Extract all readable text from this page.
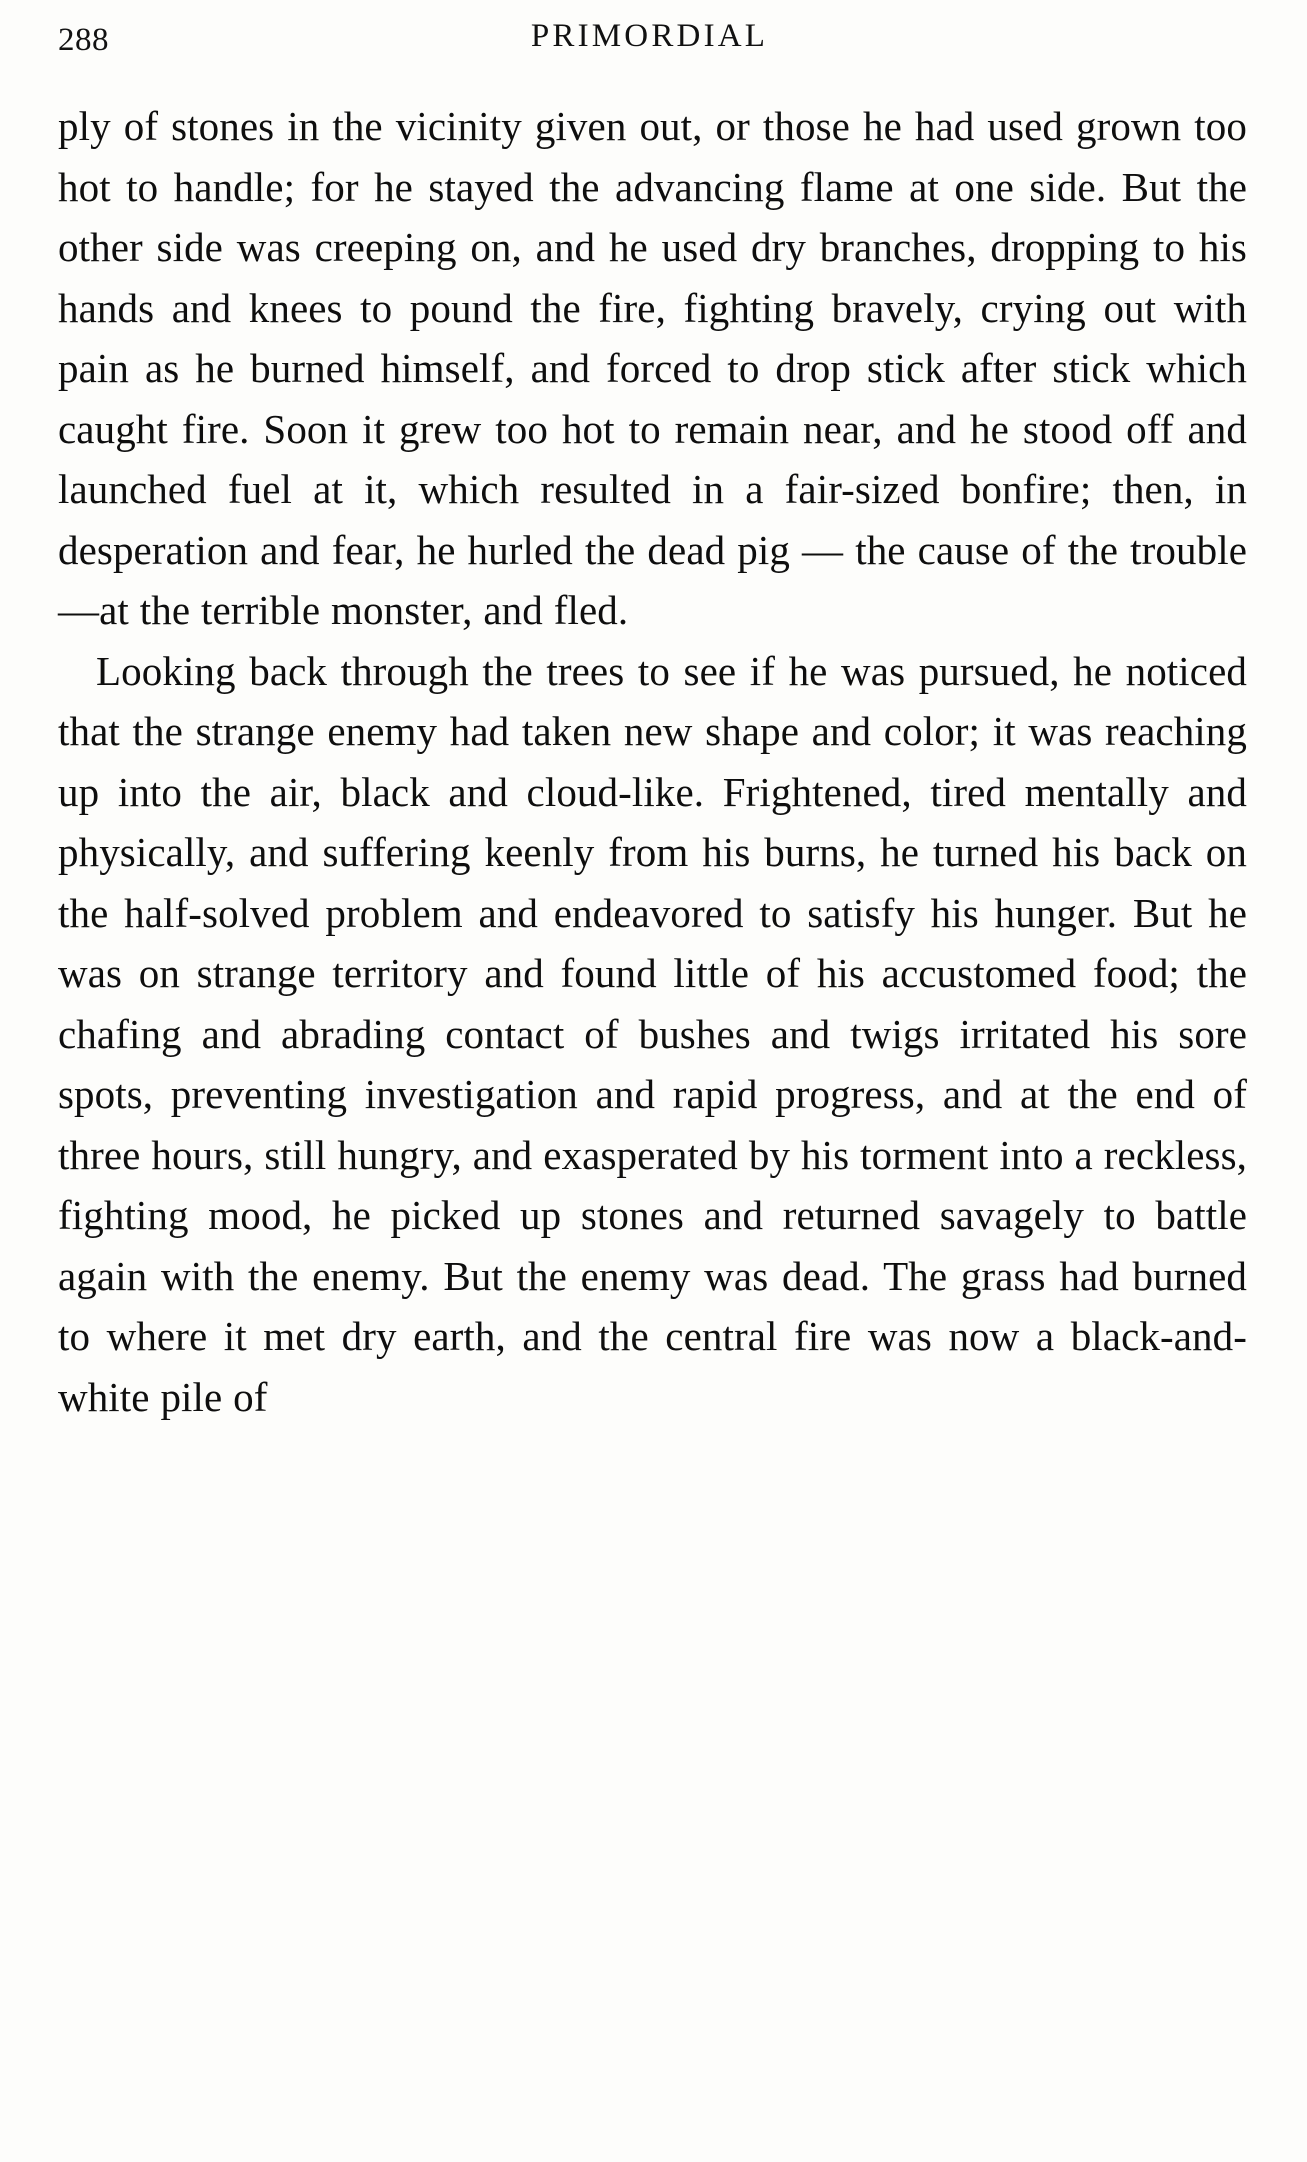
288	PRIMORDIAL

ply of stones in the vicinity given out, or those he had used grown too hot to handle; for he stayed the advancing flame at one side. But the other side was creeping on, and he used dry branches, dropping to his hands and knees to pound the fire, fighting bravely, crying out with pain as he burned himself, and forced to drop stick after stick which caught fire. Soon it grew too hot to remain near, and he stood off and launched fuel at it, which resulted in a fair-sized bonfire; then, in desperation and fear, he hurled the dead pig — the cause of the trouble—at the terrible monster, and fled.

Looking back through the trees to see if he was pursued, he noticed that the strange enemy had taken new shape and color; it was reaching up into the air, black and cloud-like. Frightened, tired mentally and physically, and suffering keenly from his burns, he turned his back on the half-solved problem and endeavored to satisfy his hunger. But he was on strange territory and found little of his accustomed food; the chafing and abrading contact of bushes and twigs irritated his sore spots, preventing investigation and rapid progress, and at the end of three hours, still hungry, and exasperated by his torment into a reckless, fighting mood, he picked up stones and returned savagely to battle again with the enemy. But the enemy was dead. The grass had burned to where it met dry earth, and the central fire was now a black-and-white pile of
